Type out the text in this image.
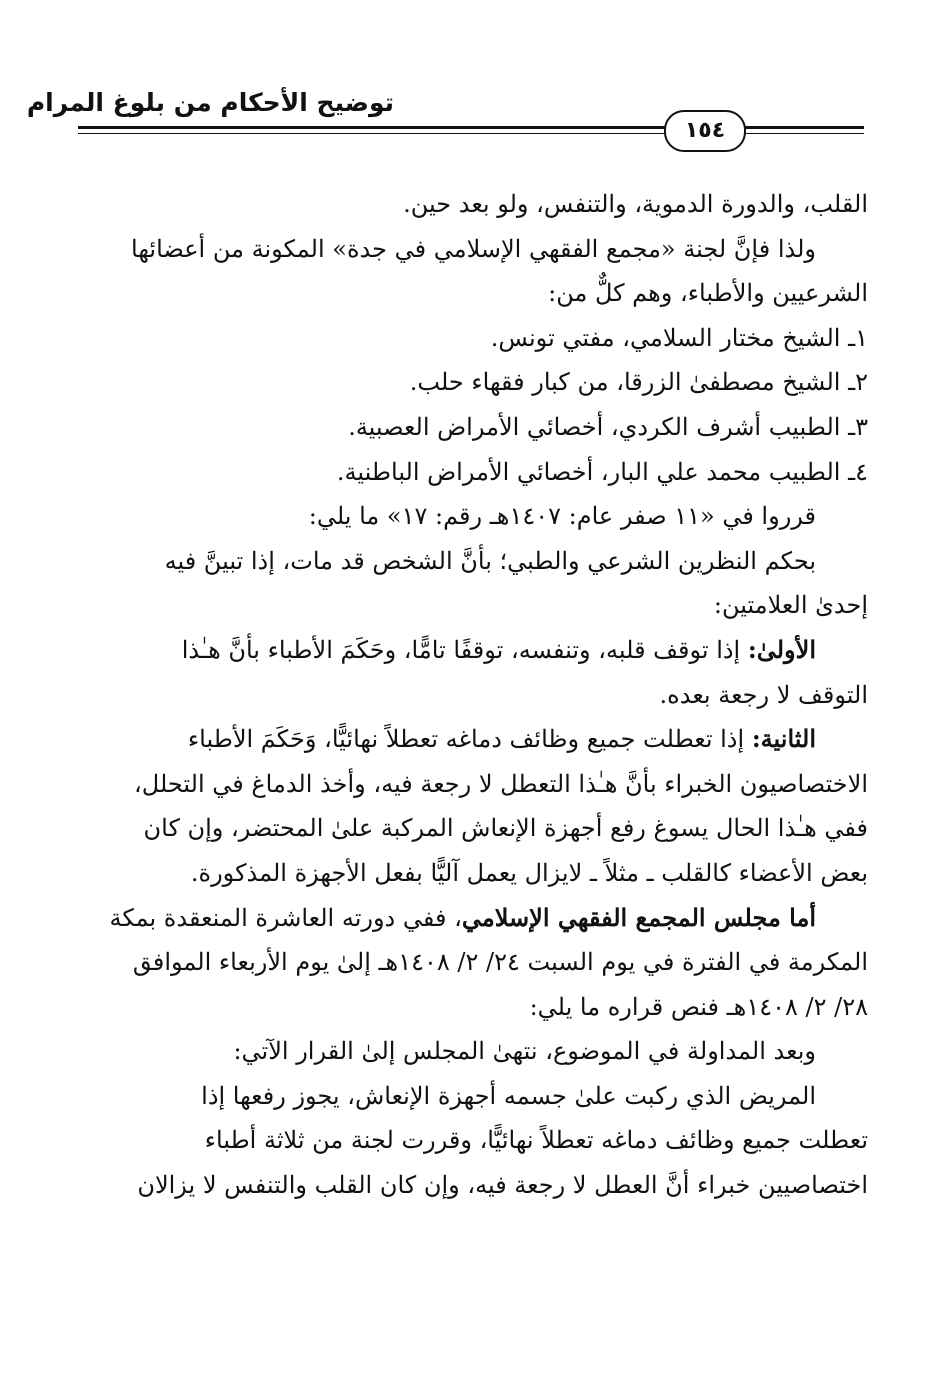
توضيح الأحكام من بلوغ المرام
١٥٤

القلب، والدورة الدموية، والتنفس، ولو بعد حين.

ولذا فإنَّ لجنة «مجمع الفقهي الإسلامي في جدة» المكونة من أعضائها

الشرعيين والأطباء، وهم كلٌّ من:

١ـ الشيخ مختار السلامي، مفتي تونس.

٢ـ الشيخ مصطفىٰ الزرقا، من كبار فقهاء حلب.

٣ـ الطبيب أشرف الكردي، أخصائي الأمراض العصبية.

٤ـ الطبيب محمد علي البار، أخصائي الأمراض الباطنية.

قرروا في «١١ صفر عام: ١٤٠٧هـ رقم: ١٧» ما يلي:

بحكم النظرين الشرعي والطبي؛ بأنَّ الشخص قد مات، إذا تبينَّ فيه

إحدىٰ العلامتين:

الأولىٰ: إذا توقف قلبه، وتنفسه، توقفًا تامًّا، وحَكَمَ الأطباء بأنَّ هـٰذا

التوقف لا رجعة بعده.

الثانية: إذا تعطلت جميع وظائف دماغه تعطلاً نهائيًّا، وَحَكَمَ الأطباء

الاختصاصيون الخبراء بأنَّ هـٰذا التعطل لا رجعة فيه، وأخذ الدماغ في التحلل،

ففي هـٰذا الحال يسوغ رفع أجهزة الإنعاش المركبة علىٰ المحتضر، وإن كان

بعض الأعضاء كالقلب ـ مثلاً ـ لايزال يعمل آليًّا بفعل الأجهزة المذكورة.

أما مجلس المجمع الفقهي الإسلامي، ففي دورته العاشرة المنعقدة بمكة

المكرمة في الفترة في يوم السبت ٢٤/ ٢/ ١٤٠٨هـ إلىٰ يوم الأربعاء الموافق

٢٨/ ٢/ ١٤٠٨هـ فنص قراره ما يلي:

وبعد المداولة في الموضوع، نتهىٰ المجلس إلىٰ القرار الآتي:

المريض الذي ركبت علىٰ جسمه أجهزة الإنعاش، يجوز رفعها إذا

تعطلت جميع وظائف دماغه تعطلاً نهائيًّا، وقررت لجنة من ثلاثة أطباء

اختصاصيين خبراء أنَّ العطل لا رجعة فيه، وإن كان القلب والتنفس لا يزالان
